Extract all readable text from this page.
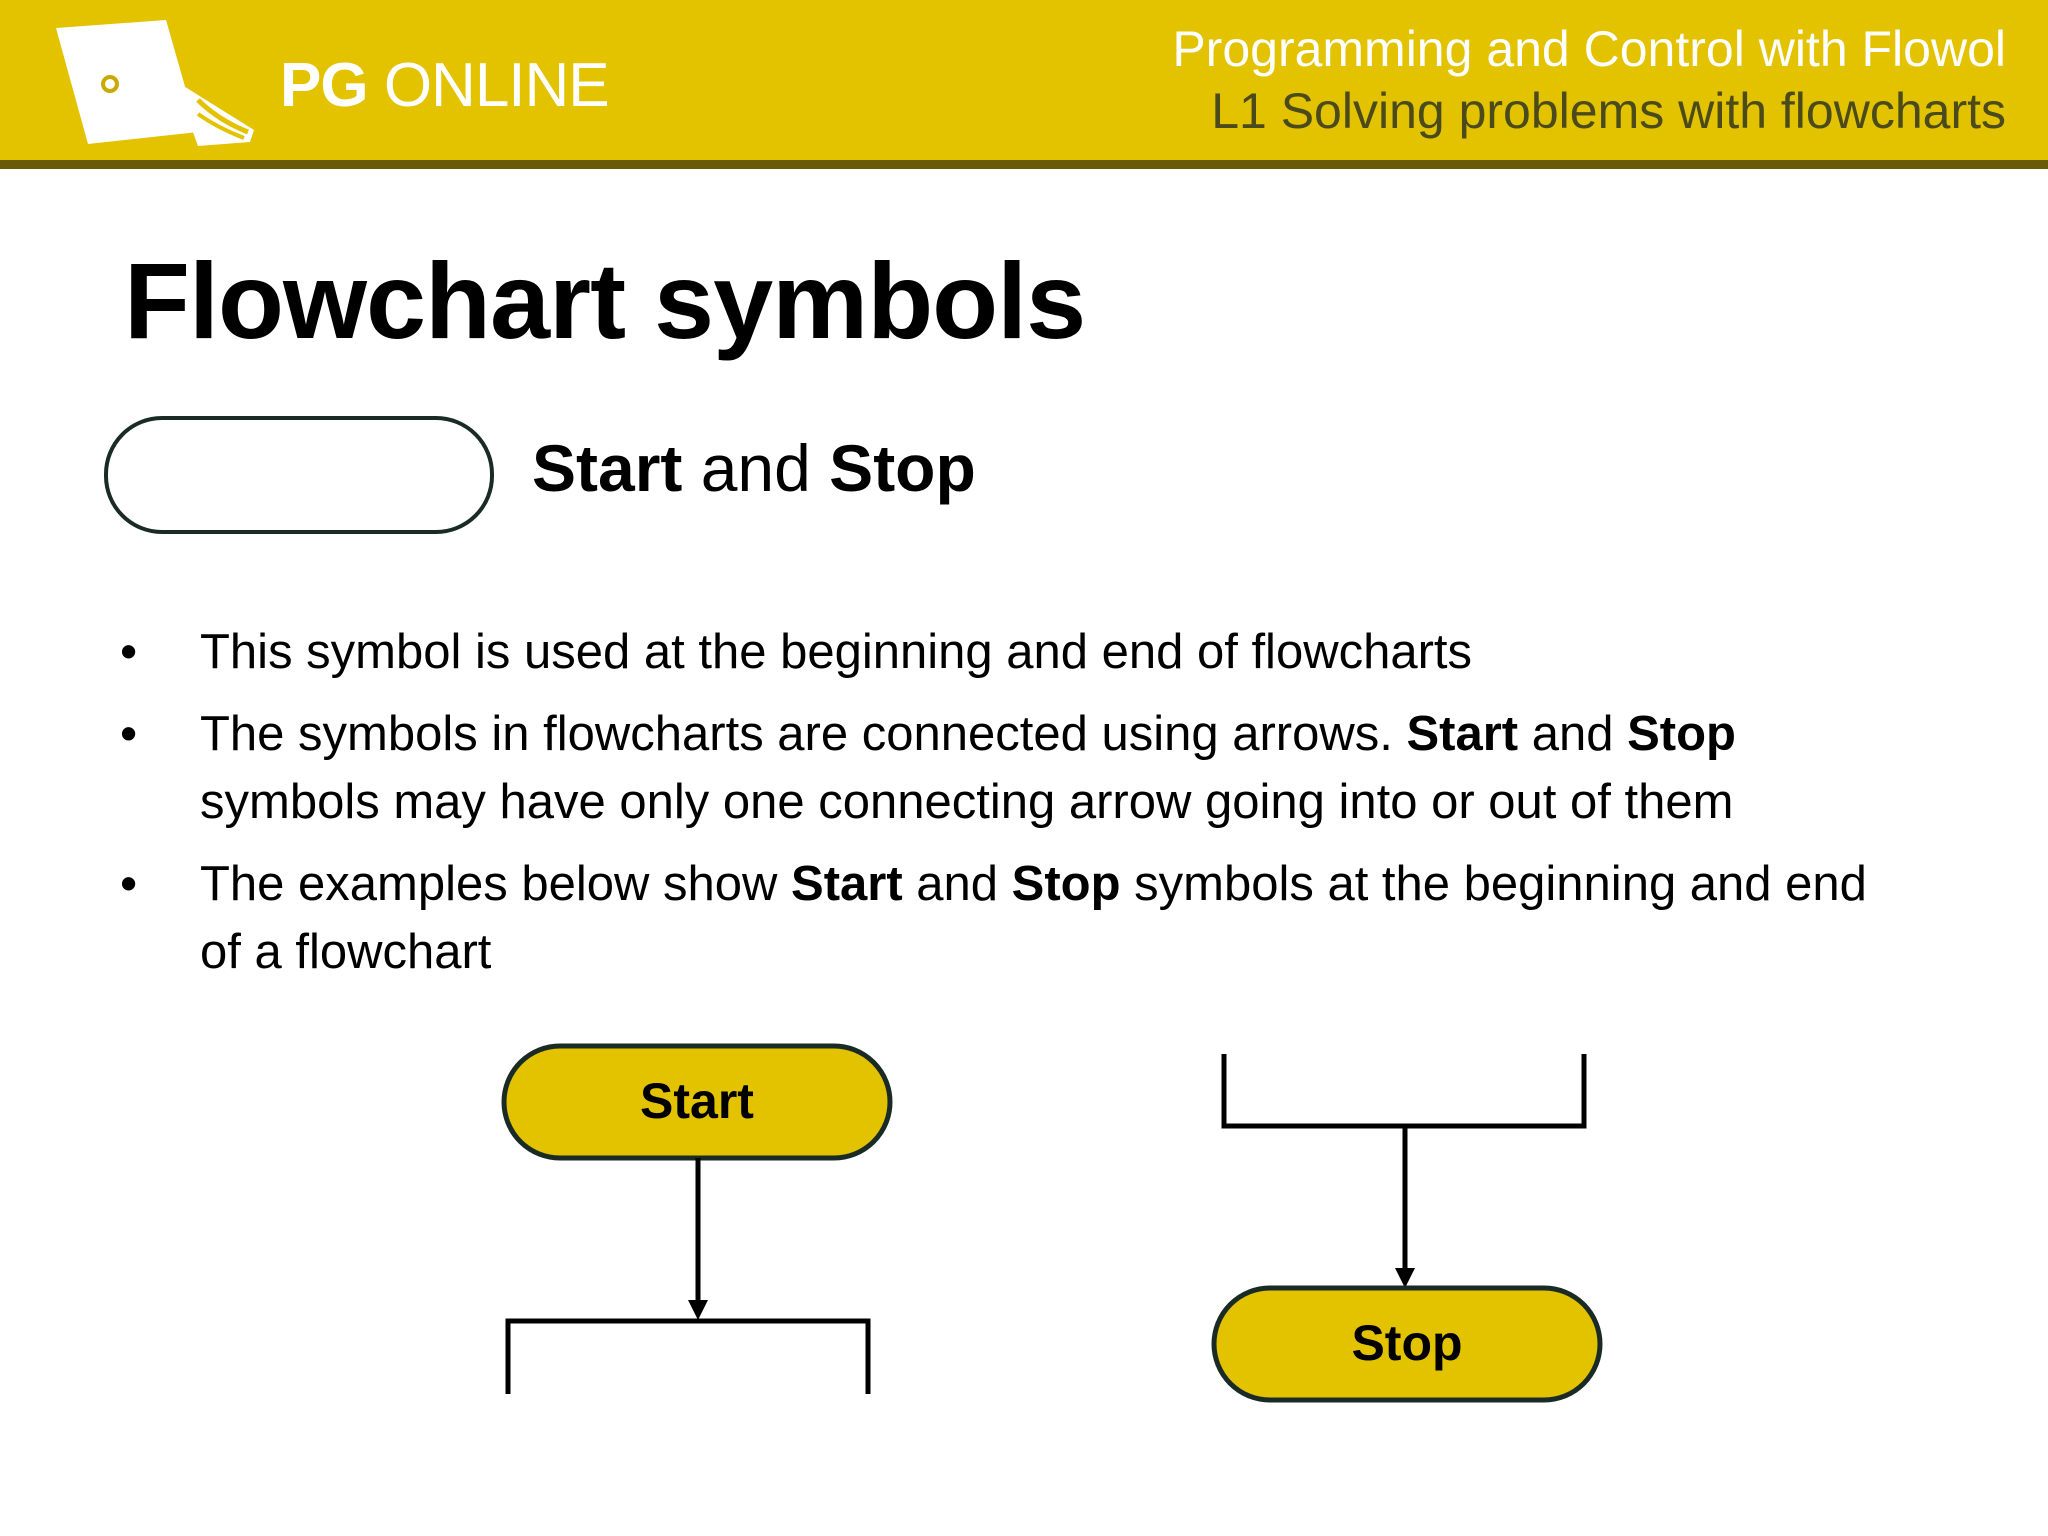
PG ONLINE
Programming and Control with Flowol
L1 Solving problems with flowcharts
Flowchart symbols
Start and Stop
• This symbol is used at the beginning and end of flowcharts
• The symbols in flowcharts are connected using arrows. Start and Stop symbols may have only one connecting arrow going into or out of them
• The examples below show Start and Stop symbols at the beginning and end of a flowchart
Start
Stop
